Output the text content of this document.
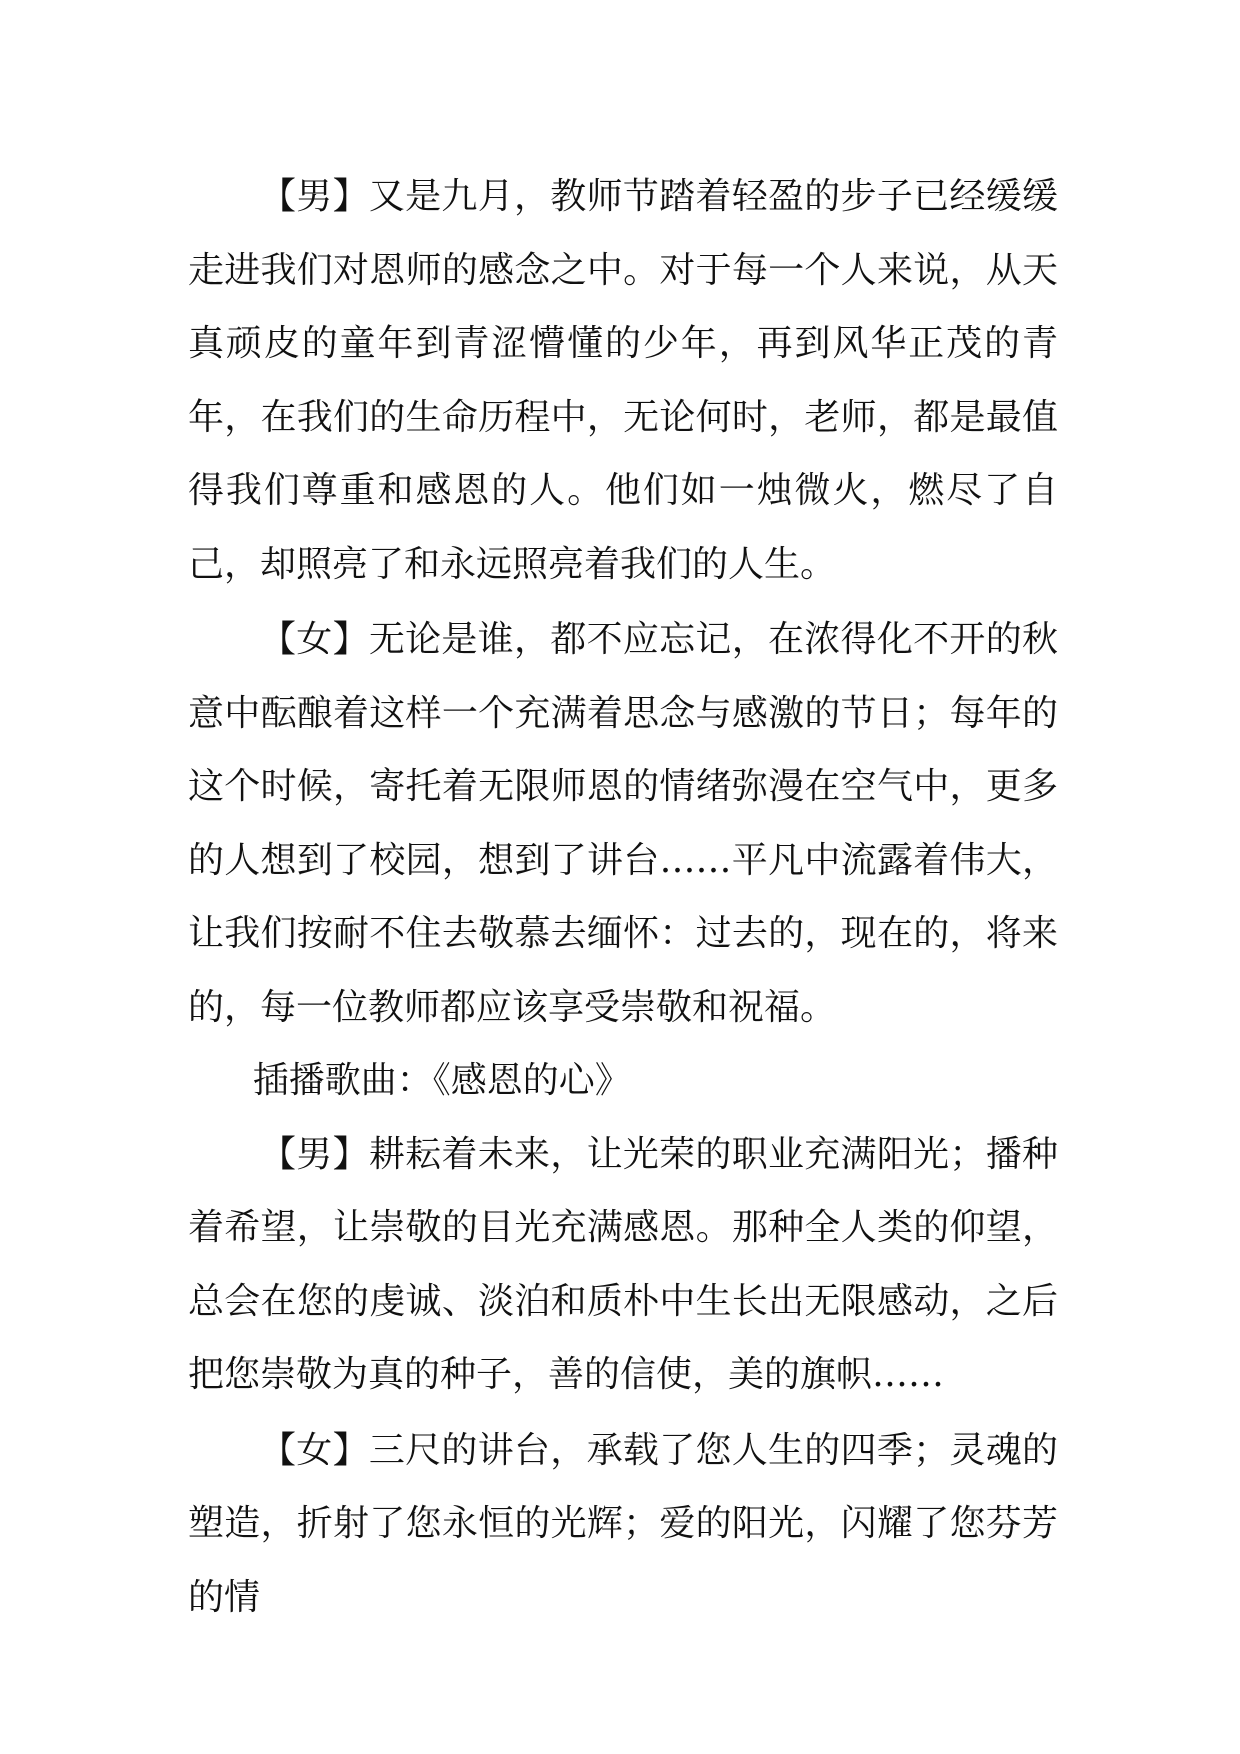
【男】又是九月，教师节踏着轻盈的步子已经缓缓走进我们对恩师的感念之中。对于每一个人来说，从天真顽皮的童年到青涩懵懂的少年，再到风华正茂的青年，在我们的生命历程中，无论何时，老师，都是最值得我们尊重和感恩的人。他们如一烛微火，燃尽了自己，却照亮了和永远照亮着我们的人生。

【女】无论是谁，都不应忘记，在浓得化不开的秋意中酝酿着这样一个充满着思念与感激的节日；每年的这个时候，寄托着无限师恩的情绪弥漫在空气中，更多的人想到了校园，想到了讲台……平凡中流露着伟大，让我们按耐不住去敬慕去缅怀：过去的，现在的，将来的，每一位教师都应该享受崇敬和祝福。

插播歌曲：《感恩的心》

【男】耕耘着未来，让光荣的职业充满阳光；播种着希望，让崇敬的目光充满感恩。那种全人类的仰望，总会在您的虔诚、淡泊和质朴中生长出无限感动，之后把您崇敬为真的种子，善的信使，美的旗帜……

【女】三尺的讲台，承载了您人生的四季；灵魂的塑造，折射了您永恒的光辉；爱的阳光，闪耀了您芬芳的情
